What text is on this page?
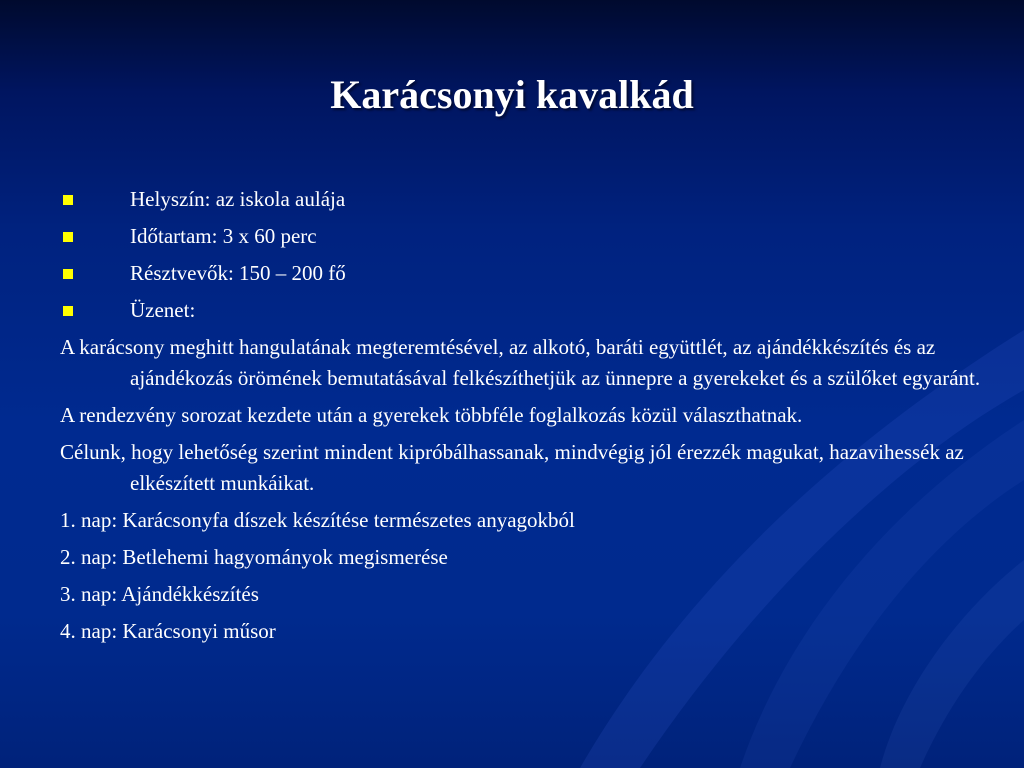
Karácsonyi kavalkád
Helyszín: az iskola aulája
Időtartam: 3 x 60 perc
Résztvevők: 150 – 200 fő
Üzenet:
A karácsony meghitt hangulatának megteremtésével, az alkotó, baráti együttlét, az ajándékkészítés és az ajándékozás örömének bemutatásával felkészíthetjük az ünnepre a gyerekeket és a szülőket egyaránt.
A rendezvény sorozat kezdete után a gyerekek többféle foglalkozás közül választhatnak.
Célunk, hogy lehetőség szerint mindent kipróbálhassanak, mindvégig jól érezzék magukat, hazavihessék az elkészített munkáikat.
1. nap: Karácsonyfa díszek készítése természetes anyagokból
2. nap: Betlehemi hagyományok megismerése
3. nap: Ajándékkészítés
4. nap: Karácsonyi műsor
